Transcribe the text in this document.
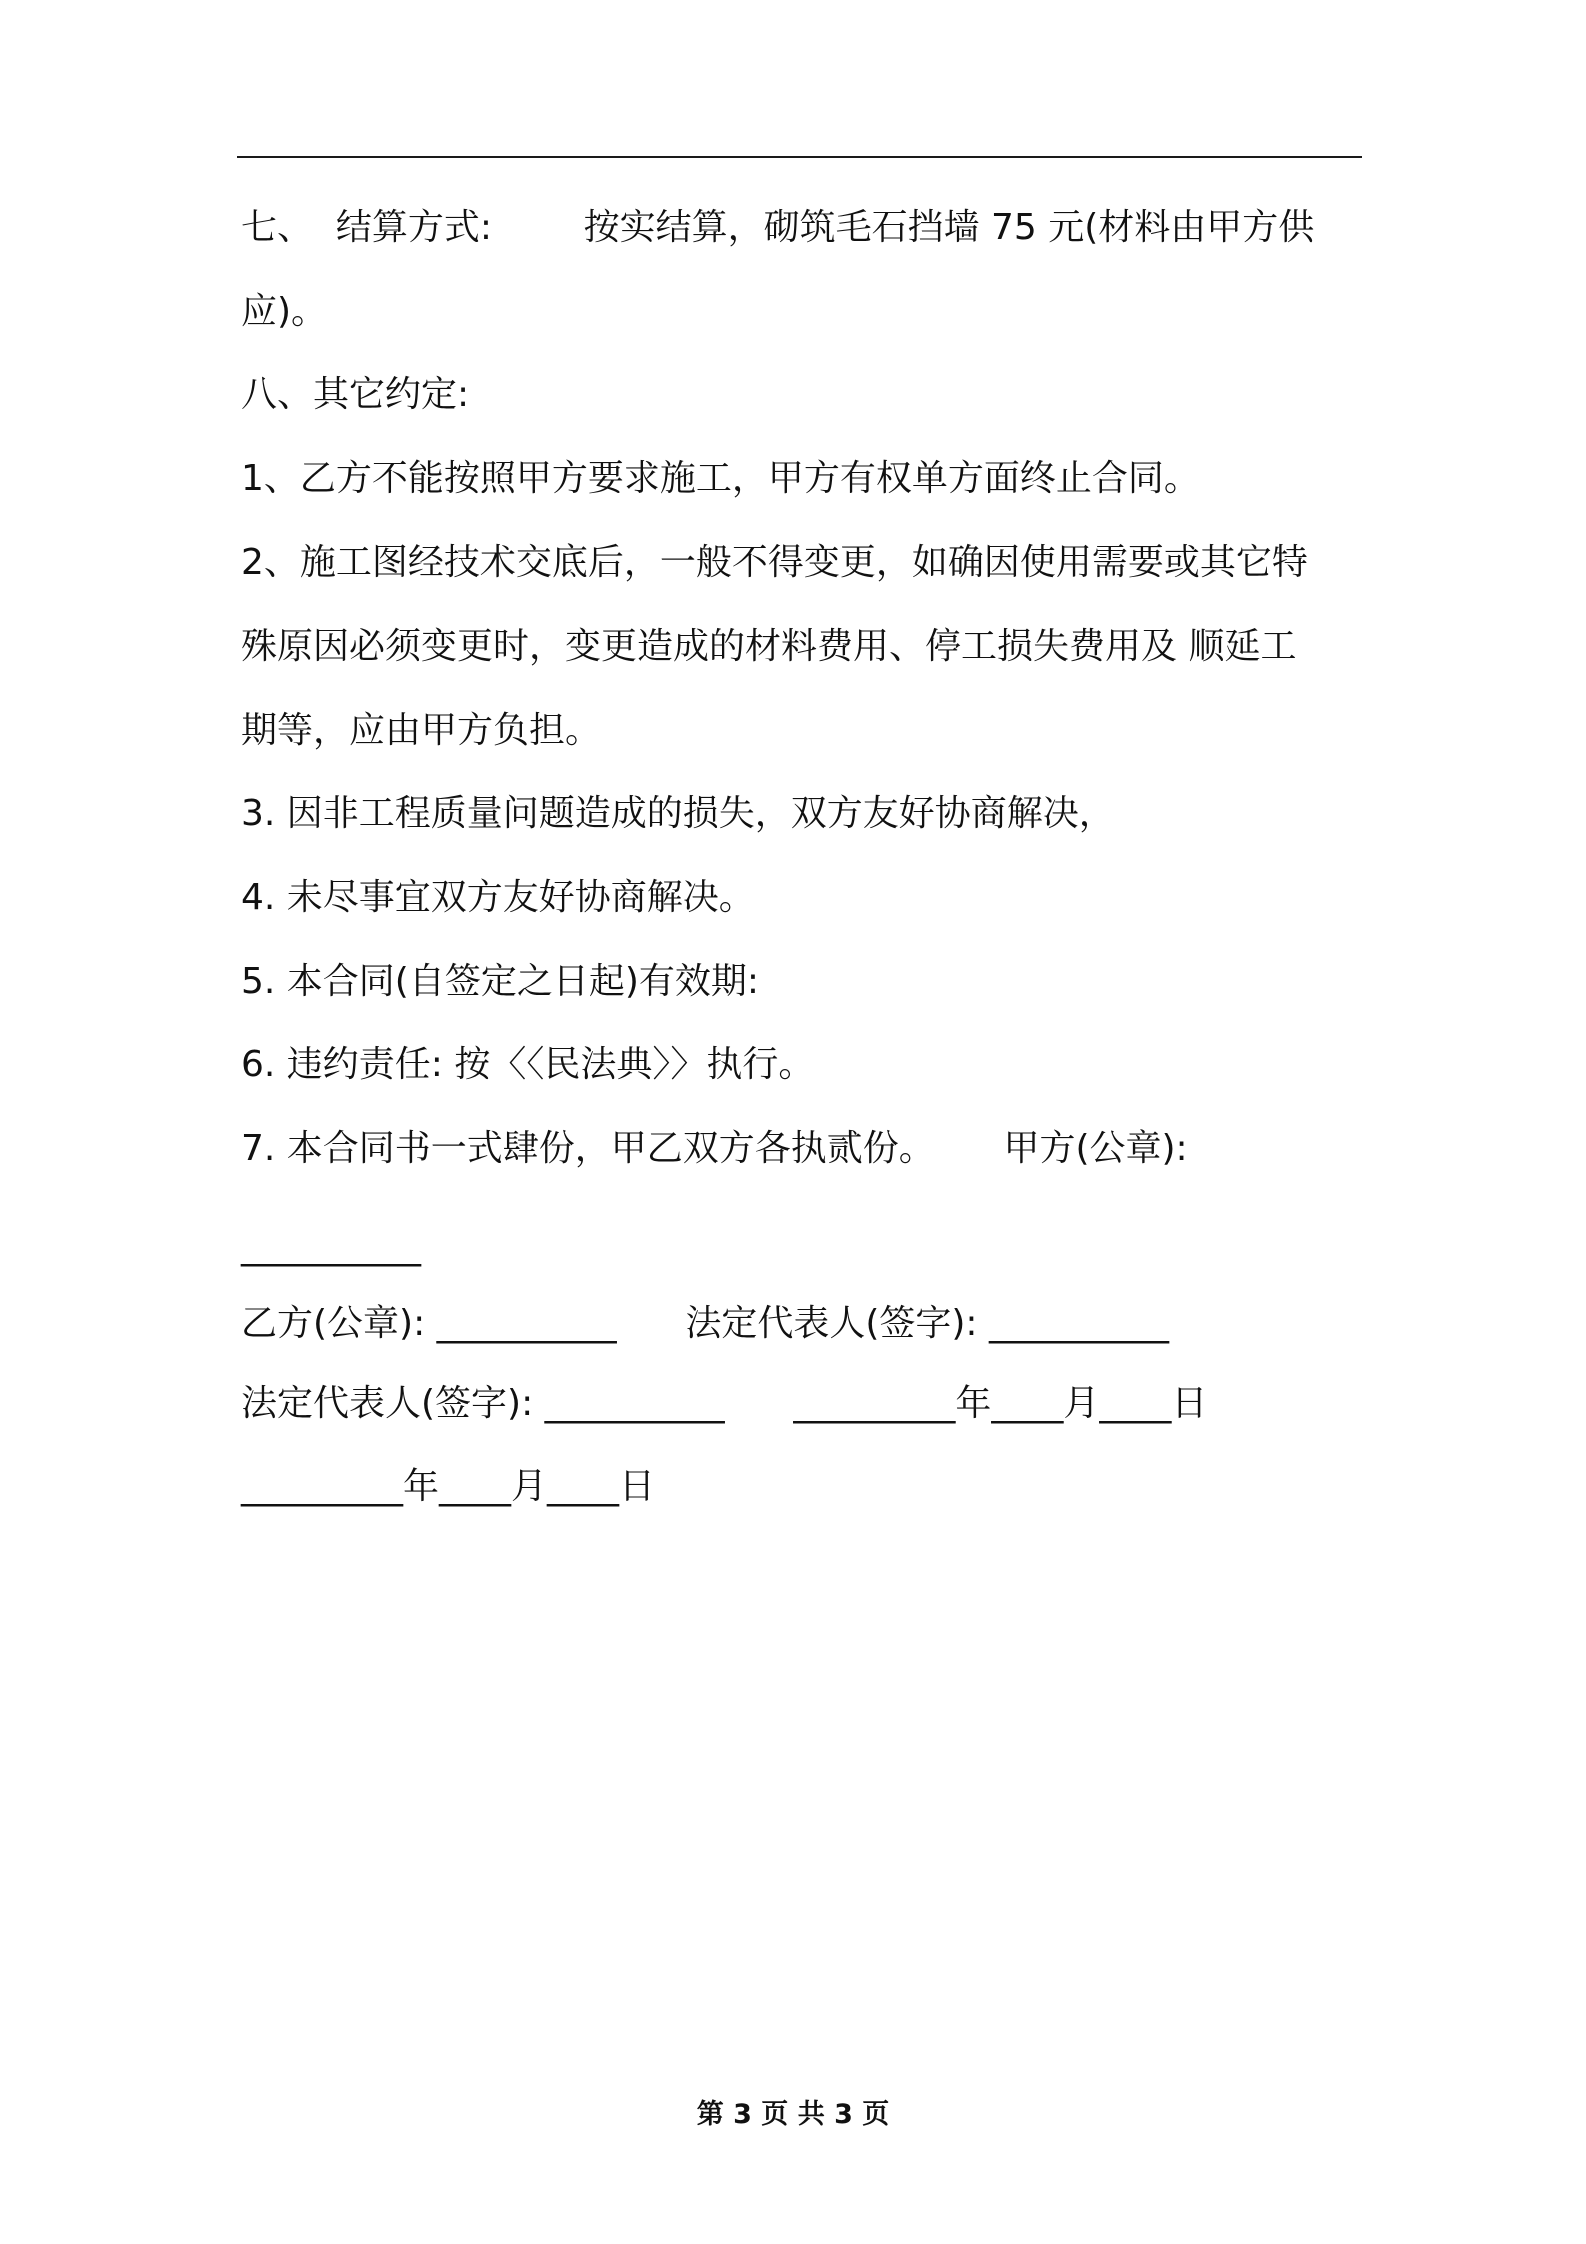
七、  结算方式:        按实结算，砌筑毛石挡墙 75 元(材料由甲方供
应)。
八、其它约定:
1、乙方不能按照甲方要求施工，甲方有权单方面终止合同。
2、施工图经技术交底后，一般不得变更，如确因使用需要或其它特
殊原因必须变更时，变更造成的材料费用、停工损失费用及 顺延工
期等，应由甲方负担。
3. 因非工程质量问题造成的损失，双方友好协商解决，
4. 未尽事宜双方友好协商解决。
5. 本合同(自签定之日起)有效期:
6. 违约责任: 按〈〈民法典〉〉执行。
7. 本合同书一式肆份，甲乙双方各执贰份。      甲方(公章):
__________
乙方(公章): __________      法定代表人(签字): __________
法定代表人(签字): __________      _________年____月____日
_________年____月____日
第 3 页 共 3 页
